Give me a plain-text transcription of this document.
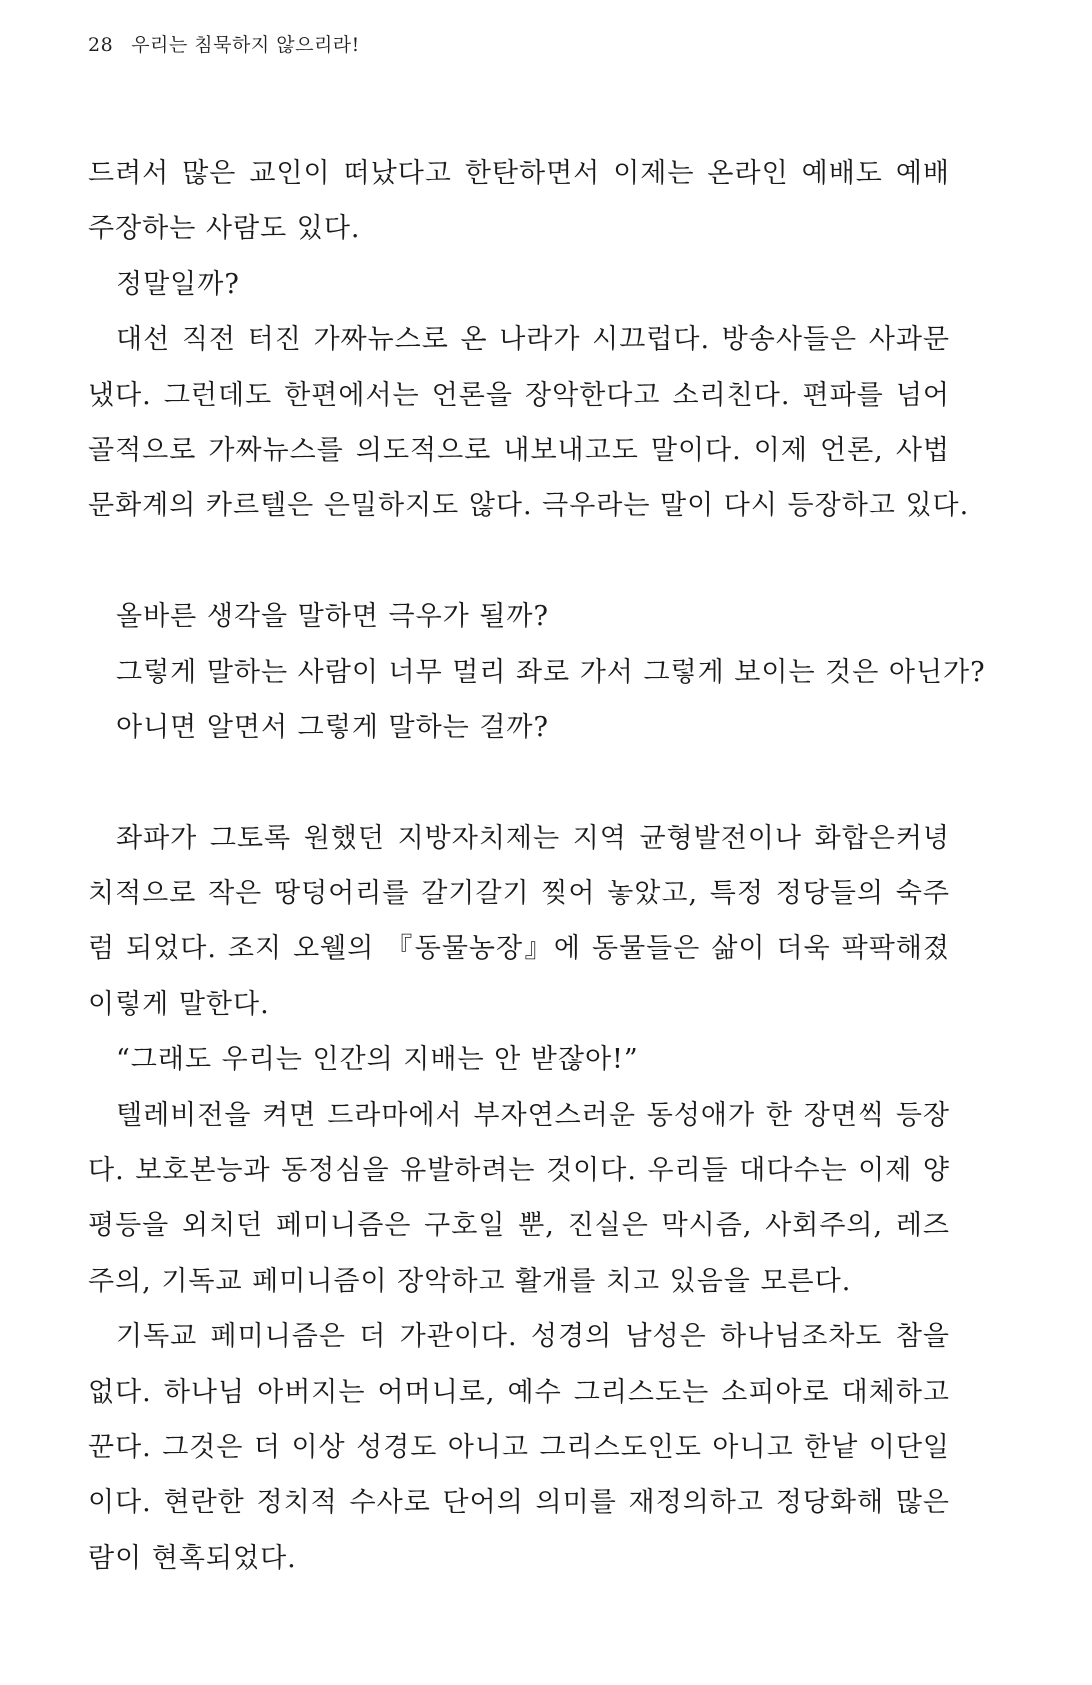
28 우리는 침묵하지 않으리라!
드려서 많은 교인이 떠났다고 한탄하면서 이제는 온라인 예배도 예배
주장하는 사람도 있다.
정말일까?
대선 직전 터진 가짜뉴스로 온 나라가 시끄럽다. 방송사들은 사과문
냈다. 그런데도 한편에서는 언론을 장악한다고 소리친다. 편파를 넘어
골적으로 가짜뉴스를 의도적으로 내보내고도 말이다. 이제 언론, 사법
문화계의 카르텔은 은밀하지도 않다. 극우라는 말이 다시 등장하고 있다.
올바른 생각을 말하면 극우가 될까?
그렇게 말하는 사람이 너무 멀리 좌로 가서 그렇게 보이는 것은 아닌가?
아니면 알면서 그렇게 말하는 걸까?
좌파가 그토록 원했던 지방자치제는 지역 균형발전이나 화합은커녕
치적으로 작은 땅덩어리를 갈기갈기 찢어 놓았고, 특정 정당들의 숙주
럼 되었다. 조지 오웰의 『동물농장』에 동물들은 삶이 더욱 팍팍해졌
이렇게 말한다.
“그래도 우리는 인간의 지배는 안 받잖아!”
텔레비전을 켜면 드라마에서 부자연스러운 동성애가 한 장면씩 등장
다. 보호본능과 동정심을 유발하려는 것이다. 우리들 대다수는 이제 양
평등을 외치던 페미니즘은 구호일 뿐, 진실은 막시즘, 사회주의, 레즈
주의, 기독교 페미니즘이 장악하고 활개를 치고 있음을 모른다.
기독교 페미니즘은 더 가관이다. 성경의 남성은 하나님조차도 참을
없다. 하나님 아버지는 어머니로, 예수 그리스도는 소피아로 대체하고
꾼다. 그것은 더 이상 성경도 아니고 그리스도인도 아니고 한낱 이단일
이다. 현란한 정치적 수사로 단어의 의미를 재정의하고 정당화해 많은
람이 현혹되었다.
